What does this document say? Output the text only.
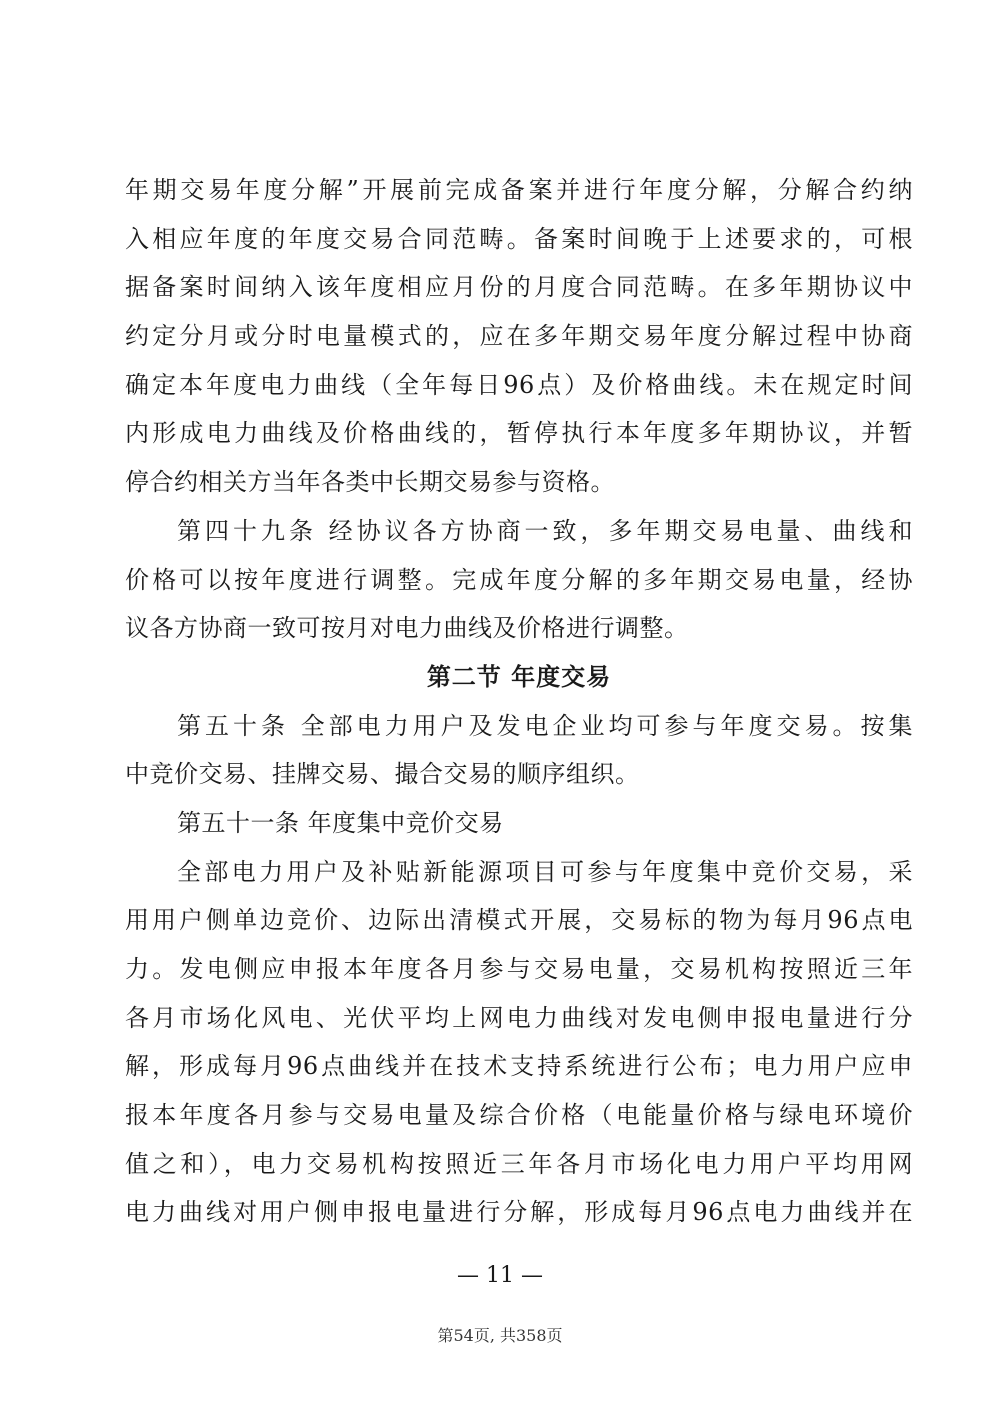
年期交易年度分解”开展前完成备案并进行年度分解，分解合约纳
入相应年度的年度交易合同范畴。备案时间晚于上述要求的，可根
据备案时间纳入该年度相应月份的月度合同范畴。在多年期协议中
约定分月或分时电量模式的，应在多年期交易年度分解过程中协商
确定本年度电力曲线（全年每日96点）及价格曲线。未在规定时间
内形成电力曲线及价格曲线的，暂停执行本年度多年期协议，并暂
停合约相关方当年各类中长期交易参与资格。
第四十九条 经协议各方协商一致，多年期交易电量、曲线和
价格可以按年度进行调整。完成年度分解的多年期交易电量，经协
议各方协商一致可按月对电力曲线及价格进行调整。
第二节 年度交易
第五十条 全部电力用户及发电企业均可参与年度交易。按集
中竞价交易、挂牌交易、撮合交易的顺序组织。
第五十一条 年度集中竞价交易
全部电力用户及补贴新能源项目可参与年度集中竞价交易，采
用用户侧单边竞价、边际出清模式开展，交易标的物为每月96点电
力。发电侧应申报本年度各月参与交易电量，交易机构按照近三年
各月市场化风电、光伏平均上网电力曲线对发电侧申报电量进行分
解，形成每月96点曲线并在技术支持系统进行公布；电力用户应申
报本年度各月参与交易电量及综合价格（电能量价格与绿电环境价
值之和），电力交易机构按照近三年各月市场化电力用户平均用网
电力曲线对用户侧申报电量进行分解，形成每月96点电力曲线并在
— 11 —
第54页, 共358页
